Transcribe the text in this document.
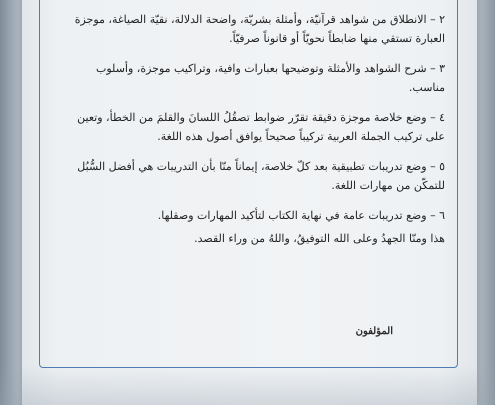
٢ – الانطلاق من شواهد قرآنيّة، وأمثلة بشريّة، واضحة الدلالة، نقيّة الصياغة، موجزة

العبارة تستقي منها ضابطاً نحويّاً أو قانوناً صرفيّاً.

٣ – شرح الشواهد والأمثلة وتوضيحها بعبارات وافية، وتراكيب موجزة، وأسلوب

مناسب.

٤ – وضع خلاصة موجزة دقيقة تقرّر ضوابط تصقُلُ اللسانَ والقلمَ من الخطأ، وتعين

على تركيب الجملة العربية تركيباً صحيحاً يوافق أصول هذه اللغة.

٥ – وضع تدريبات تطبيقية بعد كلّ خلاصة، إيماناً منّا بأن التدريبات هي أفضل السُّبُل

للتمكّن من مهارات اللغة.

٦ – وضع تدريبات عامة في نهاية الكتاب لتأكيد المهارات وصقلها.

هذا ومنّا الجهدُ وعلى الله التوفيقُ، واللهُ من وراء القصد.

المؤلفون
